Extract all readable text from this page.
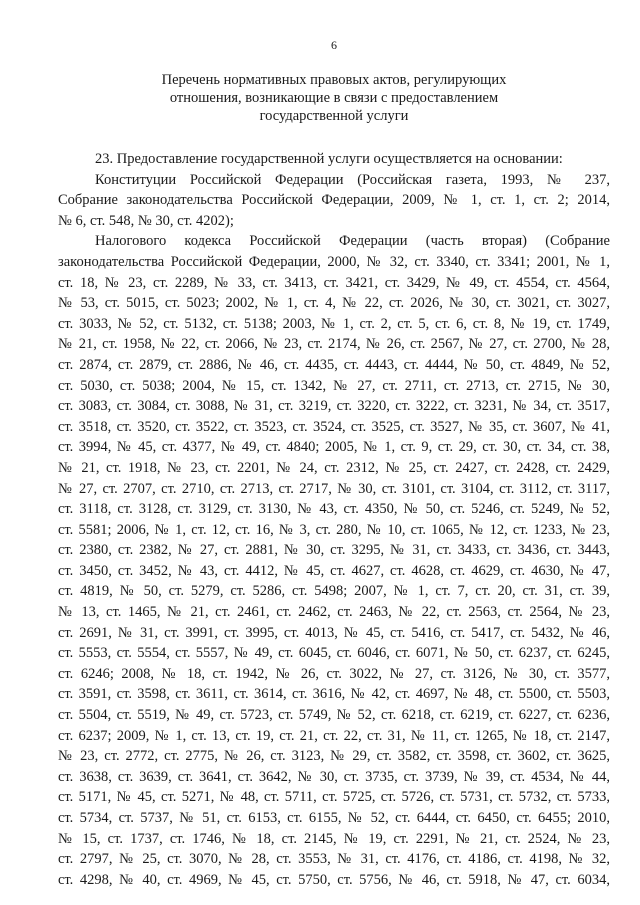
6
Перечень нормативных правовых актов, регулирующих
отношения, возникающие в связи с предоставлением
государственной услуги
23. Предоставление государственной услуги осуществляется на основании:
Конституции Российской Федерации (Российская газета, 1993, № 237,
Собрание законодательства Российской Федерации, 2009, № 1, ст. 1, ст. 2; 2014,
№ 6, ст. 548, № 30, ст. 4202);
Налогового кодекса Российской Федерации (часть вторая) (Собрание
законодательства Российской Федерации, 2000, № 32, ст. 3340, ст. 3341; 2001, № 1,
ст. 18, № 23, ст. 2289, № 33, ст. 3413, ст. 3421, ст. 3429, № 49, ст. 4554, ст. 4564,
№ 53, ст. 5015, ст. 5023; 2002, № 1, ст. 4, № 22, ст. 2026, № 30, ст. 3021, ст. 3027,
ст. 3033, № 52, ст. 5132, ст. 5138; 2003, № 1, ст. 2, ст. 5, ст. 6, ст. 8, № 19, ст. 1749,
№ 21, ст. 1958, № 22, ст. 2066, № 23, ст. 2174, № 26, ст. 2567, № 27, ст. 2700, № 28,
ст. 2874, ст. 2879, ст. 2886, № 46, ст. 4435, ст. 4443, ст. 4444, № 50, ст. 4849, № 52,
ст. 5030, ст. 5038; 2004, № 15, ст. 1342, № 27, ст. 2711, ст. 2713, ст. 2715, № 30,
ст. 3083, ст. 3084, ст. 3088, № 31, ст. 3219, ст. 3220, ст. 3222, ст. 3231, № 34, ст. 3517,
ст. 3518, ст. 3520, ст. 3522, ст. 3523, ст. 3524, ст. 3525, ст. 3527, № 35, ст. 3607, № 41,
ст. 3994, № 45, ст. 4377, № 49, ст. 4840; 2005, № 1, ст. 9, ст. 29, ст. 30, ст. 34, ст. 38,
№ 21, ст. 1918, № 23, ст. 2201, № 24, ст. 2312, № 25, ст. 2427, ст. 2428, ст. 2429,
№ 27, ст. 2707, ст. 2710, ст. 2713, ст. 2717, № 30, ст. 3101, ст. 3104, ст. 3112, ст. 3117,
ст. 3118, ст. 3128, ст. 3129, ст. 3130, № 43, ст. 4350, № 50, ст. 5246, ст. 5249, № 52,
ст. 5581; 2006, № 1, ст. 12, ст. 16, № 3, ст. 280, № 10, ст. 1065, № 12, ст. 1233, № 23,
ст. 2380, ст. 2382, № 27, ст. 2881, № 30, ст. 3295, № 31, ст. 3433, ст. 3436, ст. 3443,
ст. 3450, ст. 3452, № 43, ст. 4412, № 45, ст. 4627, ст. 4628, ст. 4629, ст. 4630, № 47,
ст. 4819, № 50, ст. 5279, ст. 5286, ст. 5498; 2007, № 1, ст. 7, ст. 20, ст. 31, ст. 39,
№ 13, ст. 1465, № 21, ст. 2461, ст. 2462, ст. 2463, № 22, ст. 2563, ст. 2564, № 23,
ст. 2691, № 31, ст. 3991, ст. 3995, ст. 4013, № 45, ст. 5416, ст. 5417, ст. 5432, № 46,
ст. 5553, ст. 5554, ст. 5557, № 49, ст. 6045, ст. 6046, ст. 6071, № 50, ст. 6237, ст. 6245,
ст. 6246; 2008, № 18, ст. 1942, № 26, ст. 3022, № 27, ст. 3126, № 30, ст. 3577,
ст. 3591, ст. 3598, ст. 3611, ст. 3614, ст. 3616, № 42, ст. 4697, № 48, ст. 5500, ст. 5503,
ст. 5504, ст. 5519, № 49, ст. 5723, ст. 5749, № 52, ст. 6218, ст. 6219, ст. 6227, ст. 6236,
ст. 6237; 2009, № 1, ст. 13, ст. 19, ст. 21, ст. 22, ст. 31, № 11, ст. 1265, № 18, ст. 2147,
№ 23, ст. 2772, ст. 2775, № 26, ст. 3123, № 29, ст. 3582, ст. 3598, ст. 3602, ст. 3625,
ст. 3638, ст. 3639, ст. 3641, ст. 3642, № 30, ст. 3735, ст. 3739, № 39, ст. 4534, № 44,
ст. 5171, № 45, ст. 5271, № 48, ст. 5711, ст. 5725, ст. 5726, ст. 5731, ст. 5732, ст. 5733,
ст. 5734, ст. 5737, № 51, ст. 6153, ст. 6155, № 52, ст. 6444, ст. 6450, ст. 6455; 2010,
№ 15, ст. 1737, ст. 1746, № 18, ст. 2145, № 19, ст. 2291, № 21, ст. 2524, № 23,
ст. 2797, № 25, ст. 3070, № 28, ст. 3553, № 31, ст. 4176, ст. 4186, ст. 4198, № 32,
ст. 4298, № 40, ст. 4969, № 45, ст. 5750, ст. 5756, № 46, ст. 5918, № 47, ст. 6034,
